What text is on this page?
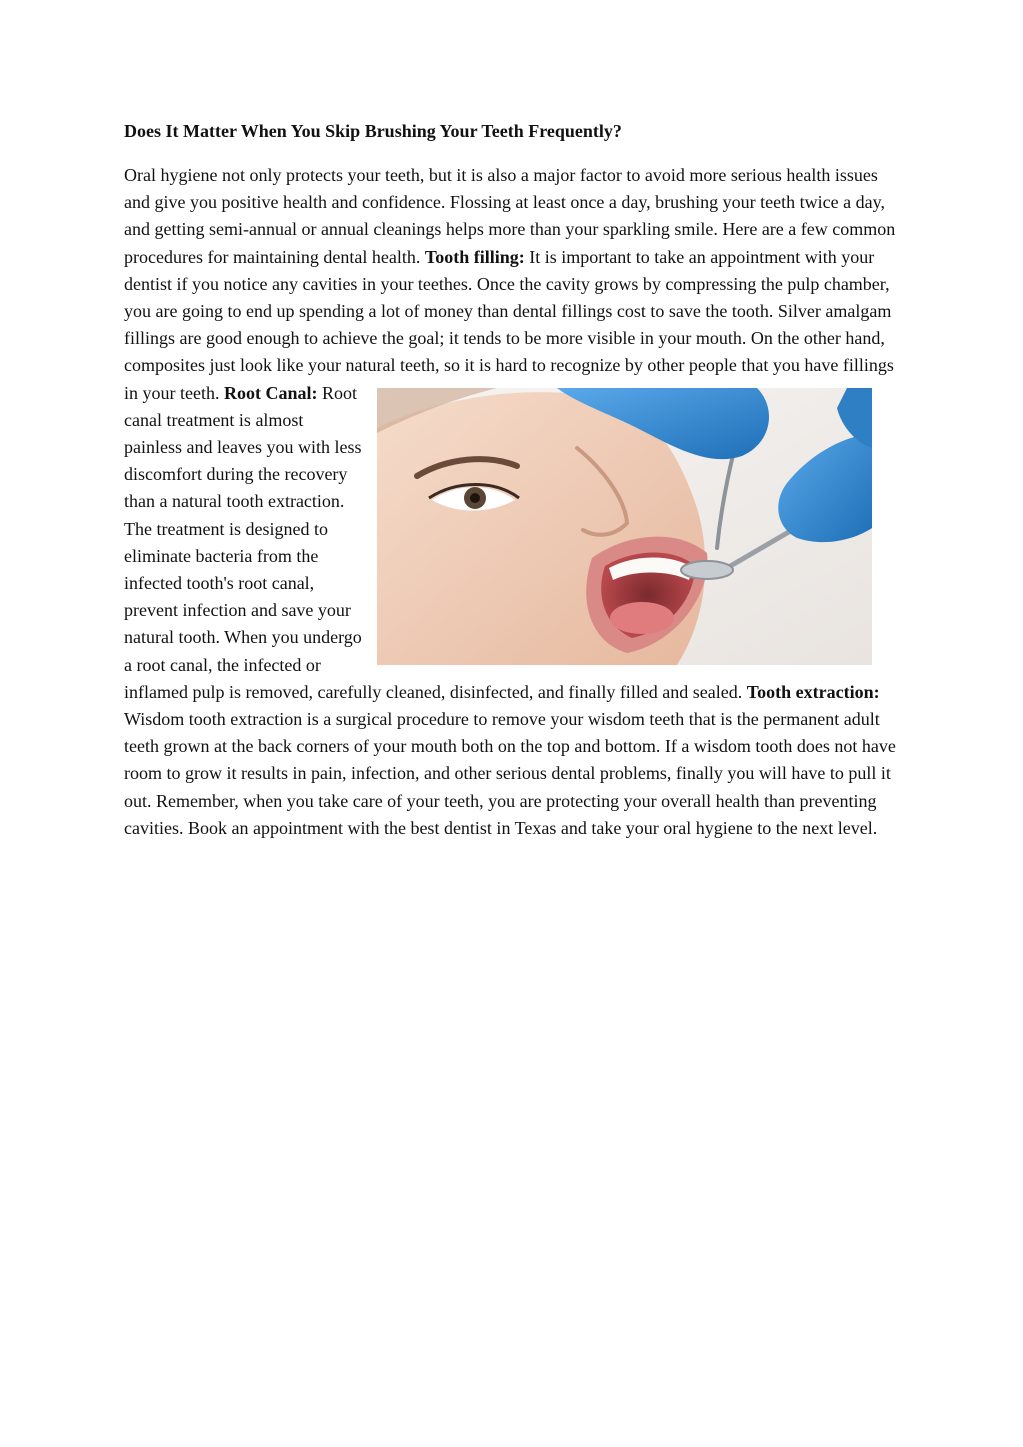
Does It Matter When You Skip Brushing Your Teeth Frequently?

Oral hygiene not only protects your teeth, but it is also a major factor to avoid more serious health issues and give you positive health and confidence. Flossing at least once a day, brushing your teeth twice a day, and getting semi-annual or annual cleanings helps more than your sparkling smile. Here are a few common procedures for maintaining dental health. Tooth filling: It is important to take an appointment with your dentist if you notice any cavities in your teethes. Once the cavity grows by compressing the pulp chamber, you are going to end up spending a lot of money than dental fillings cost to save the tooth. Silver amalgam fillings are good enough to achieve the goal; it tends to be more visible in your mouth. On the other hand, composites just look like your natural teeth, so it is hard to recognize by other people that you have fillings in your teeth. Root Canal: Root canal treatment is almost painless and leaves you with less discomfort during the recovery than a natural tooth extraction. The treatment is designed to eliminate bacteria from the infected tooth's root canal, prevent infection and save your natural tooth. When you undergo a root canal, the infected or inflamed pulp is removed, carefully cleaned, disinfected, and finally filled and sealed. Tooth extraction: Wisdom tooth extraction is a surgical procedure to remove your wisdom teeth that is the permanent adult teeth grown at the back corners of your mouth both on the top and bottom. If a wisdom tooth does not have room to grow it results in pain, infection, and other serious dental problems, finally you will have to pull it out. Remember, when you take care of your teeth, you are protecting your overall health than preventing cavities. Book an appointment with the best dentist in Texas and take your oral hygiene to the next level.
